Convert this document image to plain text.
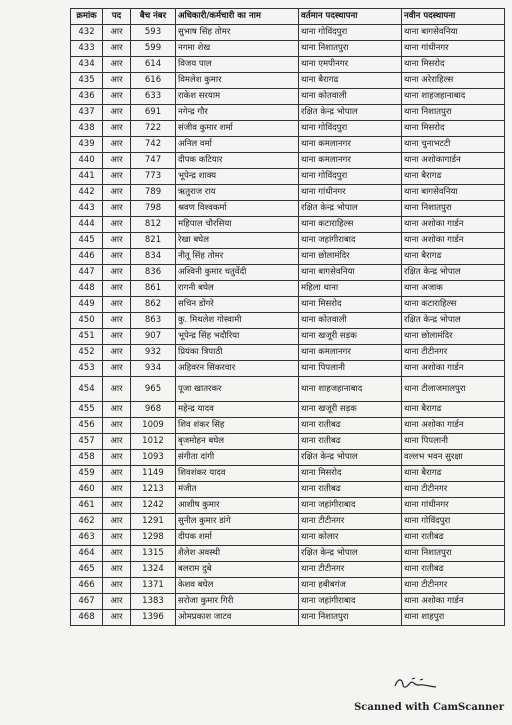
क्रमांक	पद	बैच नंबर	अधिकारी/कर्मचारी का नाम	वर्तमान पदस्थापना	नवीन पदस्थापना
432	आर	593	सुभाष सिंह तोमर	थाना गोविंदपुरा	थाना बागसेवनिया
433	आर	599	नगमा शेख	थाना निशातपुरा	थाना गांधीनगर
434	आर	614	विजय पाल	थाना एमपीनगर	थाना मिसरोद
435	आर	616	विमलेश कुमार	थाना बैरागढ	थाना अरेराहिल्स
436	आर	633	राकेश सरयाम	थाना कोतवाली	थाना शाहजहानाबाद
437	आर	691	नगेन्द्र गौर	रक्षित केन्द्र भोपाल	थाना निशातपुरा
438	आर	722	संजीव कुमार शर्मा	थाना गोविंदपुरा	थाना मिसरोद
439	आर	742	अनिल वर्मा	थाना कमलानगर	थाना चुनाभटटी
440	आर	747	दीपक कटियार	थाना कमलानगर	थाना अशोकागार्डन
441	आर	773	भूपेन्द्र शाक्य	थाना गोविंदपुरा	थाना बैरागढ
442	आर	789	ऋतुराज राय	थाना गांधीनगर	थाना बागसेवनिया
443	आर	798	श्रवण विश्वकर्मा	रक्षित केन्द्र भोपाल	थाना निशातपुरा
444	आर	812	महिपाल चौरसिया	थाना कटाराहिल्स	थाना अशोका गार्डन
445	आर	821	रेखा बघेल	थाना जहांगीराबाद	थाना अशोका गार्डन
446	आर	834	नीतू सिंह तोमर	थाना छोलामंदिर	थाना बैरागढ
447	आर	836	अश्विनी कुमार चतुर्वेदी	थाना बागसेवनिया	रक्षित केन्द्र भोपाल
448	आर	861	रागनी बघेल	महिला थाना	थाना अजाक
449	आर	862	सचिन डोंगरे	थाना मिसरोद	थाना कटाराहिल्स
450	आर	863	कु. मिथलेश गोस्वामी	थाना कोतवाली	रक्षित केन्द्र भोपाल
451	आर	907	भूपेन्द्र सिंह भदौरिया	थाना खजूरी सड़क	थाना छोलामंदिर
452	आर	932	प्रियंका त्रिपाठी	थाना कमलानगर	थाना टीटीनगर
453	आर	934	अहिवरन सिंकरवार	थाना पिपलानी	थाना अशोका गार्डन
454	आर	965	पूजा खातरकर	थाना शाहजहानाबाद	थाना टीलाजमालपुरा
455	आर	968	महेन्द्र यादव	थाना खजूरी सड़क	थाना बैरागढ
456	आर	1009	शिव शंकर सिंह	थाना रातीबढ	थाना अशोका गार्डन
457	आर	1012	बृजमोहन बघेल	थाना रातीबढ	थाना पिपलानी
458	आर	1093	संगीता दांगी	रक्षित केन्द्र भोपाल	वल्लभ भवन सुरक्षा
459	आर	1149	शिवशंकर यादव	थाना मिसरोद	थाना बैरागढ
460	आर	1213	मंजीत	थाना रातीबढ	थाना टीटीनगर
461	आर	1242	आशीष कुमार	थाना जहांगीराबाद	थाना गांधीनगर
462	आर	1291	सुनील कुमार डांगे	थाना टीटीनगर	थाना गोविंदपुरा
463	आर	1298	दीपक शर्मा	थाना कोलार	थाना रातीबढ
464	आर	1315	शैलेश अवस्थी	रक्षित केन्द्र भोपाल	थाना निशातपुरा
465	आर	1324	बलराम दुबे	थाना टीटीनगर	थाना रातीबढ
466	आर	1371	केशव बघेल	थाना हबीबगंज	थाना टीटीनगर
467	आर	1383	सरोजा कुमार गिरी	थाना जहांगीराबाद	थाना अशोका गार्डन
468	आर	1396	ओमप्रकाश जाटव	थाना निशातपुरा	थाना शाहपुरा
Scanned with CamScanner
